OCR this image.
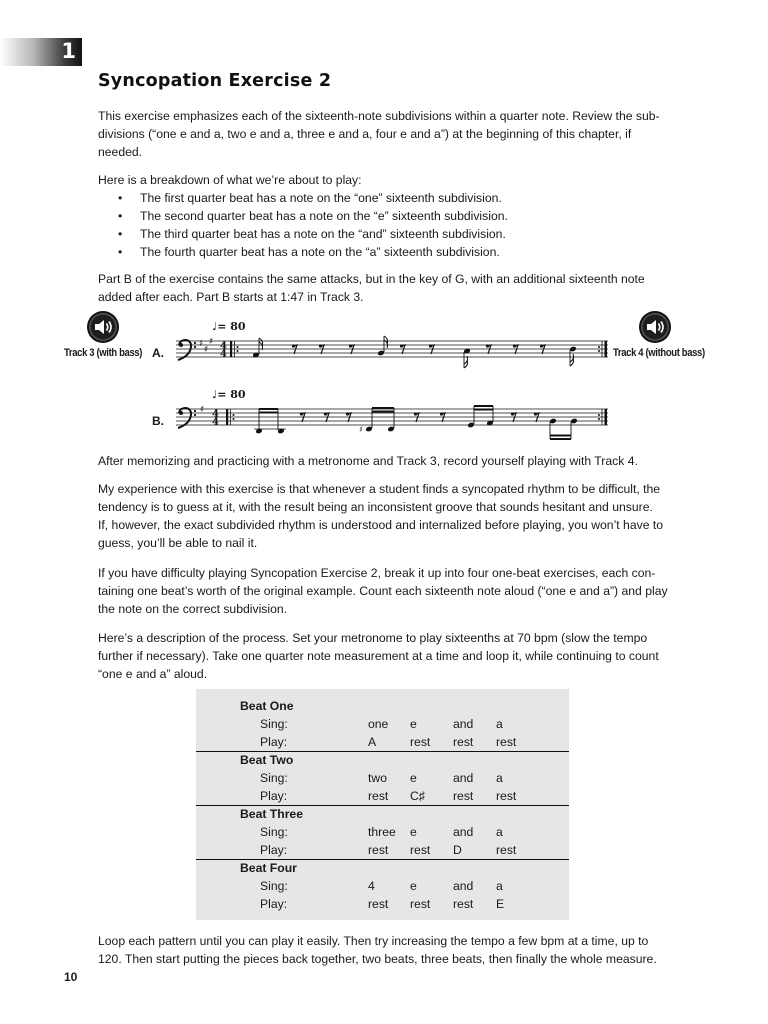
1
Syncopation Exercise 2

This exercise emphasizes each of the sixteenth-note subdivisions within a quarter note. Review the sub-
divisions (“one e and a, two e and a, three e and a, four e and a”) at the beginning of this chapter, if
needed.

Here is a breakdown of what we’re about to play:

• The first quarter beat has a note on the “one” sixteenth subdivision.
• The second quarter beat has a note on the “e” sixteenth subdivision.
• The third quarter beat has a note on the “and” sixteenth subdivision.
• The fourth quarter beat has a note on the “a” sixteenth subdivision.

Part B of the exercise contains the same attacks, but in the key of G, with an additional sixteenth note
added after each. Part B starts at 1:47 in Track 3.

Track 3 (with bass)	Track 4 (without bass)
A.
♩= 80
♯
♯
♯ 4
4
B.
♩= 80
♯ 4
4
♯

After memorizing and practicing with a metronome and Track 3, record yourself playing with Track 4.

My experience with this exercise is that whenever a student finds a syncopated rhythm to be difficult, the
tendency is to guess at it, with the result being an inconsistent groove that sounds hesitant and unsure.
If, however, the exact subdivided rhythm is understood and internalized before playing, you won’t have to
guess, you’ll be able to nail it.

If you have difficulty playing Syncopation Exercise 2, break it up into four one-beat exercises, each con-
taining one beat’s worth of the original example. Count each sixteenth note aloud (“one e and a”) and play
the note on the correct subdivision.

Here’s a description of the process. Set your metronome to play sixteenths at 70 bpm (slow the tempo
further if necessary). Take one quarter note measurement at a time and loop it, while continuing to count
“one e and a” aloud.

Beat One
Sing:	one e	and a
Play:	A	rest rest rest
Beat Two
Sing:	two e	and a
Play:	rest C♯ rest rest
Beat Three
Sing:	three e	and a
Play:	rest rest D	rest
Beat Four
Sing:	4	e	and a
Play:	rest rest rest E

Loop each pattern until you can play it easily. Then try increasing the tempo a few bpm at a time, up to
120. Then start putting the pieces back together, two beats, three beats, then finally the whole measure.

10
